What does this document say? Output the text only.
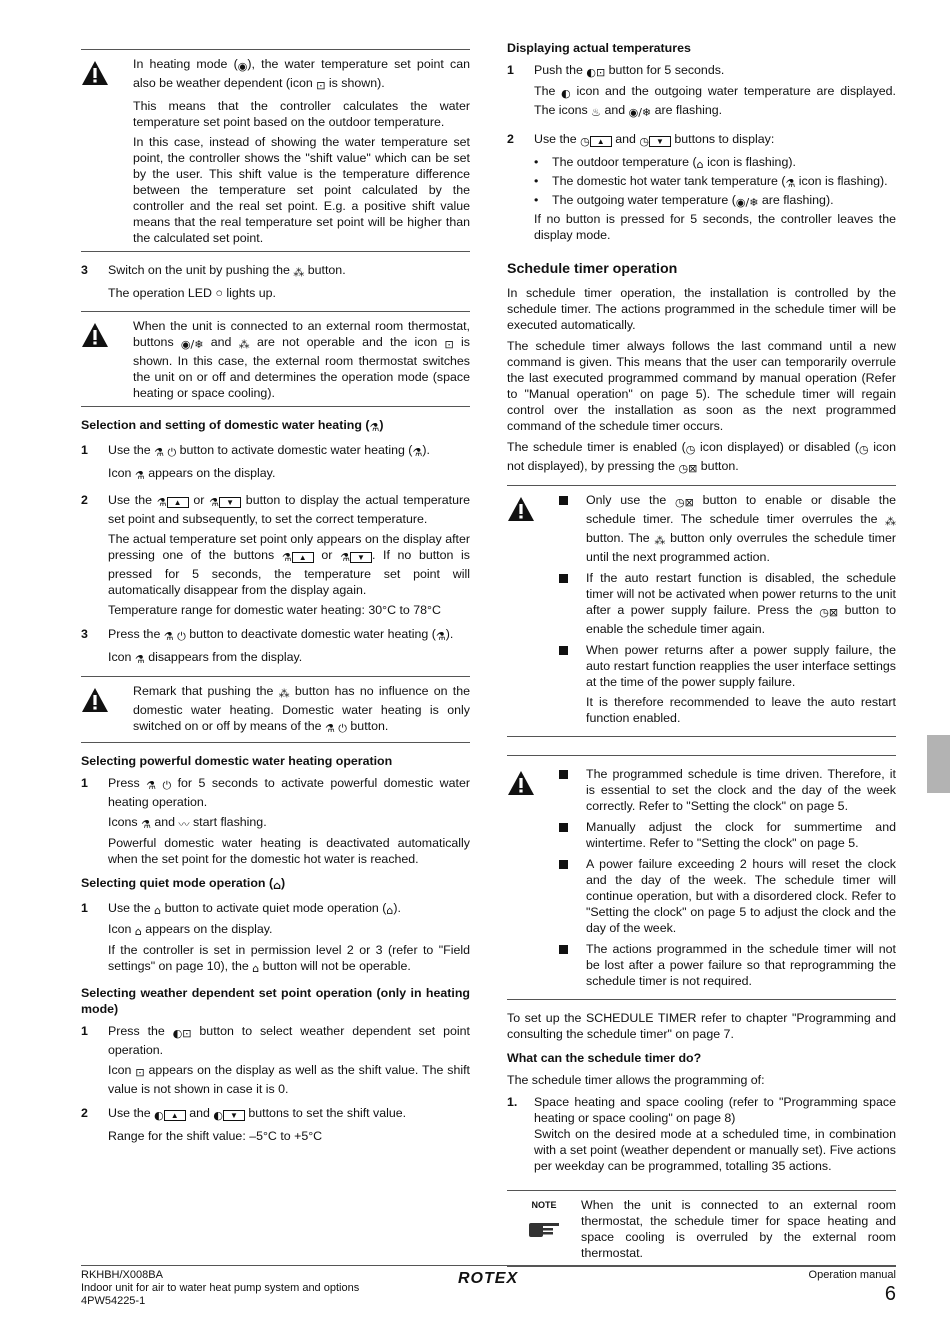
In heating mode (◉), the water temperature set point can also be weather dependent (icon ⊡ is shown).

This means that the controller calculates the water temperature set point based on the outdoor temperature.

In this case, instead of showing the water temperature set point, the controller shows the "shift value" which can be set by the user. This shift value is the temperature difference between the temperature set point calculated by the controller and the real set point. E.g. a positive shift value means that the real temperature set point will be higher than the calculated set point.

3	Switch on the unit by pushing the ⁂ button.

The operation LED ○ lights up.

When the unit is connected to an external room thermostat, buttons ◉/❄ and ⁂ are not operable and the icon ⊡ is shown. In this case, the external room thermostat switches the unit on or off and determines the operation mode (space heating or space cooling).

Selection and setting of domestic water heating (⚗)
1	Use the ⚗ ⏻ button to activate domestic water heating (⚗).

Icon ⚗ appears on the display.

2	Use the ⚗ ▲ or ⚗ ▼ button to display the actual temperature set point and subsequently, to set the correct temperature.

The actual temperature set point only appears on the display after pressing one of the buttons ⚗ ▲ or ⚗ ▼ . If no button is pressed for 5 seconds, the temperature set point will automatically disappear from the display again.

Temperature range for domestic water heating: 30°C to 78°C

3	Press the ⚗ ⏻ button to deactivate domestic water heating (⚗).

Icon ⚗ disappears from the display.

Remark that pushing the ⁂ button has no influence on the domestic water heating. Domestic water heating is only switched on or off by means of the ⚗ ⏻ button.

Selecting powerful domestic water heating operation
1	Press ⚗ ⏻ for 5 seconds to activate powerful domestic water heating operation.

Icons ⚗ and 〰 start flashing.

Powerful domestic water heating is deactivated automatically when the set point for the domestic hot water is reached.

Selecting quiet mode operation (⌂)
1	Use the ⌂ button to activate quiet mode operation (⌂).

Icon ⌂ appears on the display.

If the controller is set in permission level 2 or 3 (refer to "Field settings" on page 10), the ⌂ button will not be operable.

Selecting weather dependent set point operation (only in heating mode)
1	Press the ◐⊡ button to select weather dependent set point operation.

Icon ⊡ appears on the display as well as the shift value. The shift value is not shown in case it is 0.

2	Use the ◐ ▲ and ◐ ▼ buttons to set the shift value.

Range for the shift value: –5°C to +5°C

Displaying actual temperatures
1	Push the ◐⊡ button for 5 seconds.

The ◐ icon and the outgoing water temperature are displayed. The icons ♨ and ◉/❄ are flashing.

2	Use the ◷ ▲ and ◷ ▼ buttons to display:

•	The outdoor temperature (⌂ icon is flashing).
•	The domestic hot water tank temperature (⚗ icon is flashing).
•	The outgoing water temperature (◉/❄ are flashing).

If no button is pressed for 5 seconds, the controller leaves the display mode.

Schedule timer operation

In schedule timer operation, the installation is controlled by the schedule timer. The actions programmed in the schedule timer will be executed automatically.

The schedule timer always follows the last command until a new command is given. This means that the user can temporarily overrule the last executed programmed command by manual operation (Refer to "Manual operation" on page 5). The schedule timer will regain control over the installation as soon as the next programmed command of the schedule timer occurs.

The schedule timer is enabled (◷ icon displayed) or disabled (◷ icon not displayed), by pressing the ◷⊠ button.

Only use the ◷⊠ button to enable or disable the schedule timer. The schedule timer overrules the ⁂ button. The ⁂ button only overrules the schedule timer until the next programmed action.

If the auto restart function is disabled, the schedule timer will not be activated when power returns to the unit after a power supply failure. Press the ◷⊠ button to enable the schedule timer again.

When power returns after a power supply failure, the auto restart function reapplies the user interface settings at the time of the power supply failure.

It is therefore recommended to leave the auto restart function enabled.

The programmed schedule is time driven. Therefore, it is essential to set the clock and the day of the week correctly. Refer to "Setting the clock" on page 5.
Manually adjust the clock for summertime and wintertime. Refer to "Setting the clock" on page 5.
A power failure exceeding 2 hours will reset the clock and the day of the week. The schedule timer will continue operation, but with a disordered clock. Refer to "Setting the clock" on page 5 to adjust the clock and the day of the week.
The actions programmed in the schedule timer will not be lost after a power failure so that reprogramming the schedule timer is not required.

To set up the SCHEDULE TIMER refer to chapter "Programming and consulting the schedule timer" on page 7.

What can the schedule timer do?

The schedule timer allows the programming of:

1.	Space heating and space cooling (refer to "Programming space heating or space cooling" on page 8)

Switch on the desired mode at a scheduled time, in combination with a set point (weather dependent or manually set). Five actions per weekday can be programmed, totalling 35 actions.

NOTE	When the unit is connected to an external room thermostat, the schedule timer for space heating and space cooling is overruled by the external room thermostat.
RKHBH/X008BA
Indoor unit for air to water heat pump system and options
4PW54225-1
ROTEX	Operation manual
6
